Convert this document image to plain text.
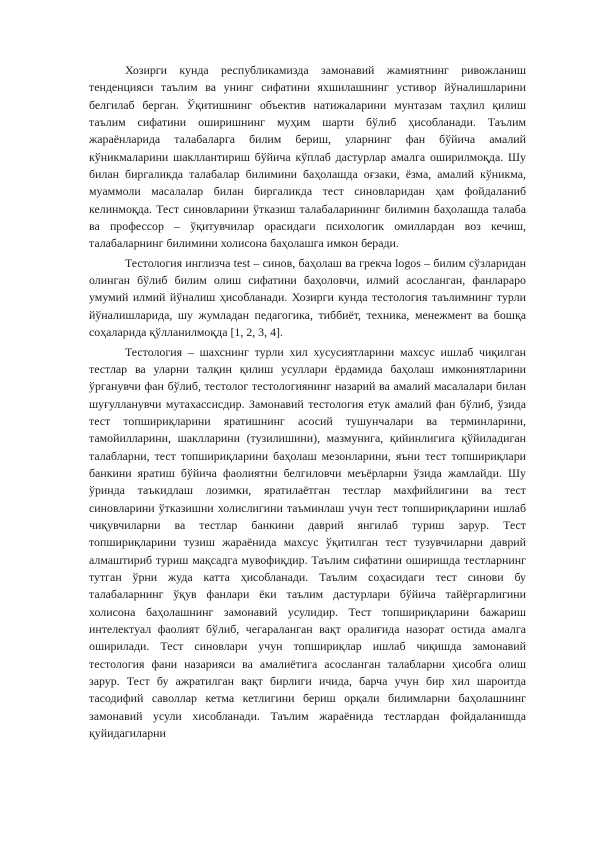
Хозирги кунда республикамизда замонавий жамиятнинг ривожланиш тенденцияси таълим ва унинг сифатини яхшилашнинг устивор йўналишларини белгилаб берган. Ўқитишнинг объектив натижаларини мунтазам таҳлил қилиш таълим сифатини оширишнинг муҳим шарти бўлиб ҳисобланади. Таълим жараёнларида талабаларга билим бериш, уларнинг фан бўйича амалий кўникмаларини шакллантириш бўйича кўплаб дастурлар амалга оширилмоқда. Шу билан биргаликда талабалар билимини баҳолашда оғзаки, ёзма, амалий кўникма, муаммоли масалалар билан биргаликда тест синовларидан ҳам фойдаланиб келинмоқда. Тест синовларини ўтказиш талабаларининг билимин баҳолашда талаба ва профессор – ўқитувчилар орасидаги психологик омиллардан воз кечиш, талабаларнинг билимини холисона баҳолашга имкон беради.

Тестология инглизча test – синов, баҳолаш ва грекча logos – билим сўзларидан олинган бўлиб билим олиш сифатини баҳоловчи, илмий асосланган, фанлараро умумий илмий йўналиш ҳисобланади. Хозирги кунда тестология таълимнинг турли йўналишларида, шу жумладан педагогика, тиббиёт, техника, менежмент ва бошқа соҳаларида қўлланилмоқда [1, 2, 3, 4].

Тестология – шахснинг турли хил хусусиятларини махсус ишлаб чиқилган тестлар ва уларни талқин қилиш усуллари ёрдамида баҳолаш имкониятларини ўрганувчи фан бўлиб, тестолог тестологиянинг назарий ва амалий масалалари билан шуғулланувчи мутахассисдир. Замонавий тестология етук амалий фан бўлиб, ўзида тест топшириқларини яратишнинг асосий тушунчалари ва терминларини, тамойилларини, шаклларини (тузилишини), мазмунига, қийинлигига қўйиладиган талабларни, тест топшириқларини баҳолаш мезонларини, яъни тест топшириқлари банкини яратиш бўйича фаолиятни белгиловчи меъёрларни ўзида жамлайди. Шу ўринда таъкидлаш лозимки, яратилаётган тестлар махфийлигини ва тест синовларини ўтказишни холислигини таъминлаш учун тест топшириқларини ишлаб чиқувчиларни ва тестлар банкини даврий янгилаб туриш зарур. Тест топшириқларини тузиш жараёнида махсус ўқитилган тест тузувчиларни даврий алмаштириб туриш мақсадга мувофиқдир. Таълим сифатини оширишда тестларнинг тутган ўрни жуда катта ҳисобланади. Таълим соҳасидаги тест синови бу талабаларнинг ўқув фанлари ёки таълим дастурлари бўйича тайёргарлигини холисона баҳолашнинг замонавий усулидир. Тест топшириқларини бажариш интелектуал фаолият бўлиб, чегараланган вақт оралиғида назорат остида амалга оширилади. Тест синовлари учун топшириқлар ишлаб чиқишда замонавий тестология фани назарияси ва амалиётига асосланган талабларни ҳисобга олиш зарур. Тест бу ажратилган вақт бирлиги ичида, барча учун бир хил шароитда тасодифий саволлар кетма кетлигини бериш орқали билимларни баҳолашнинг замонавий усули хисобланади. Таълим жараёнида тестлардан фойдаланишда қуйидагиларни
